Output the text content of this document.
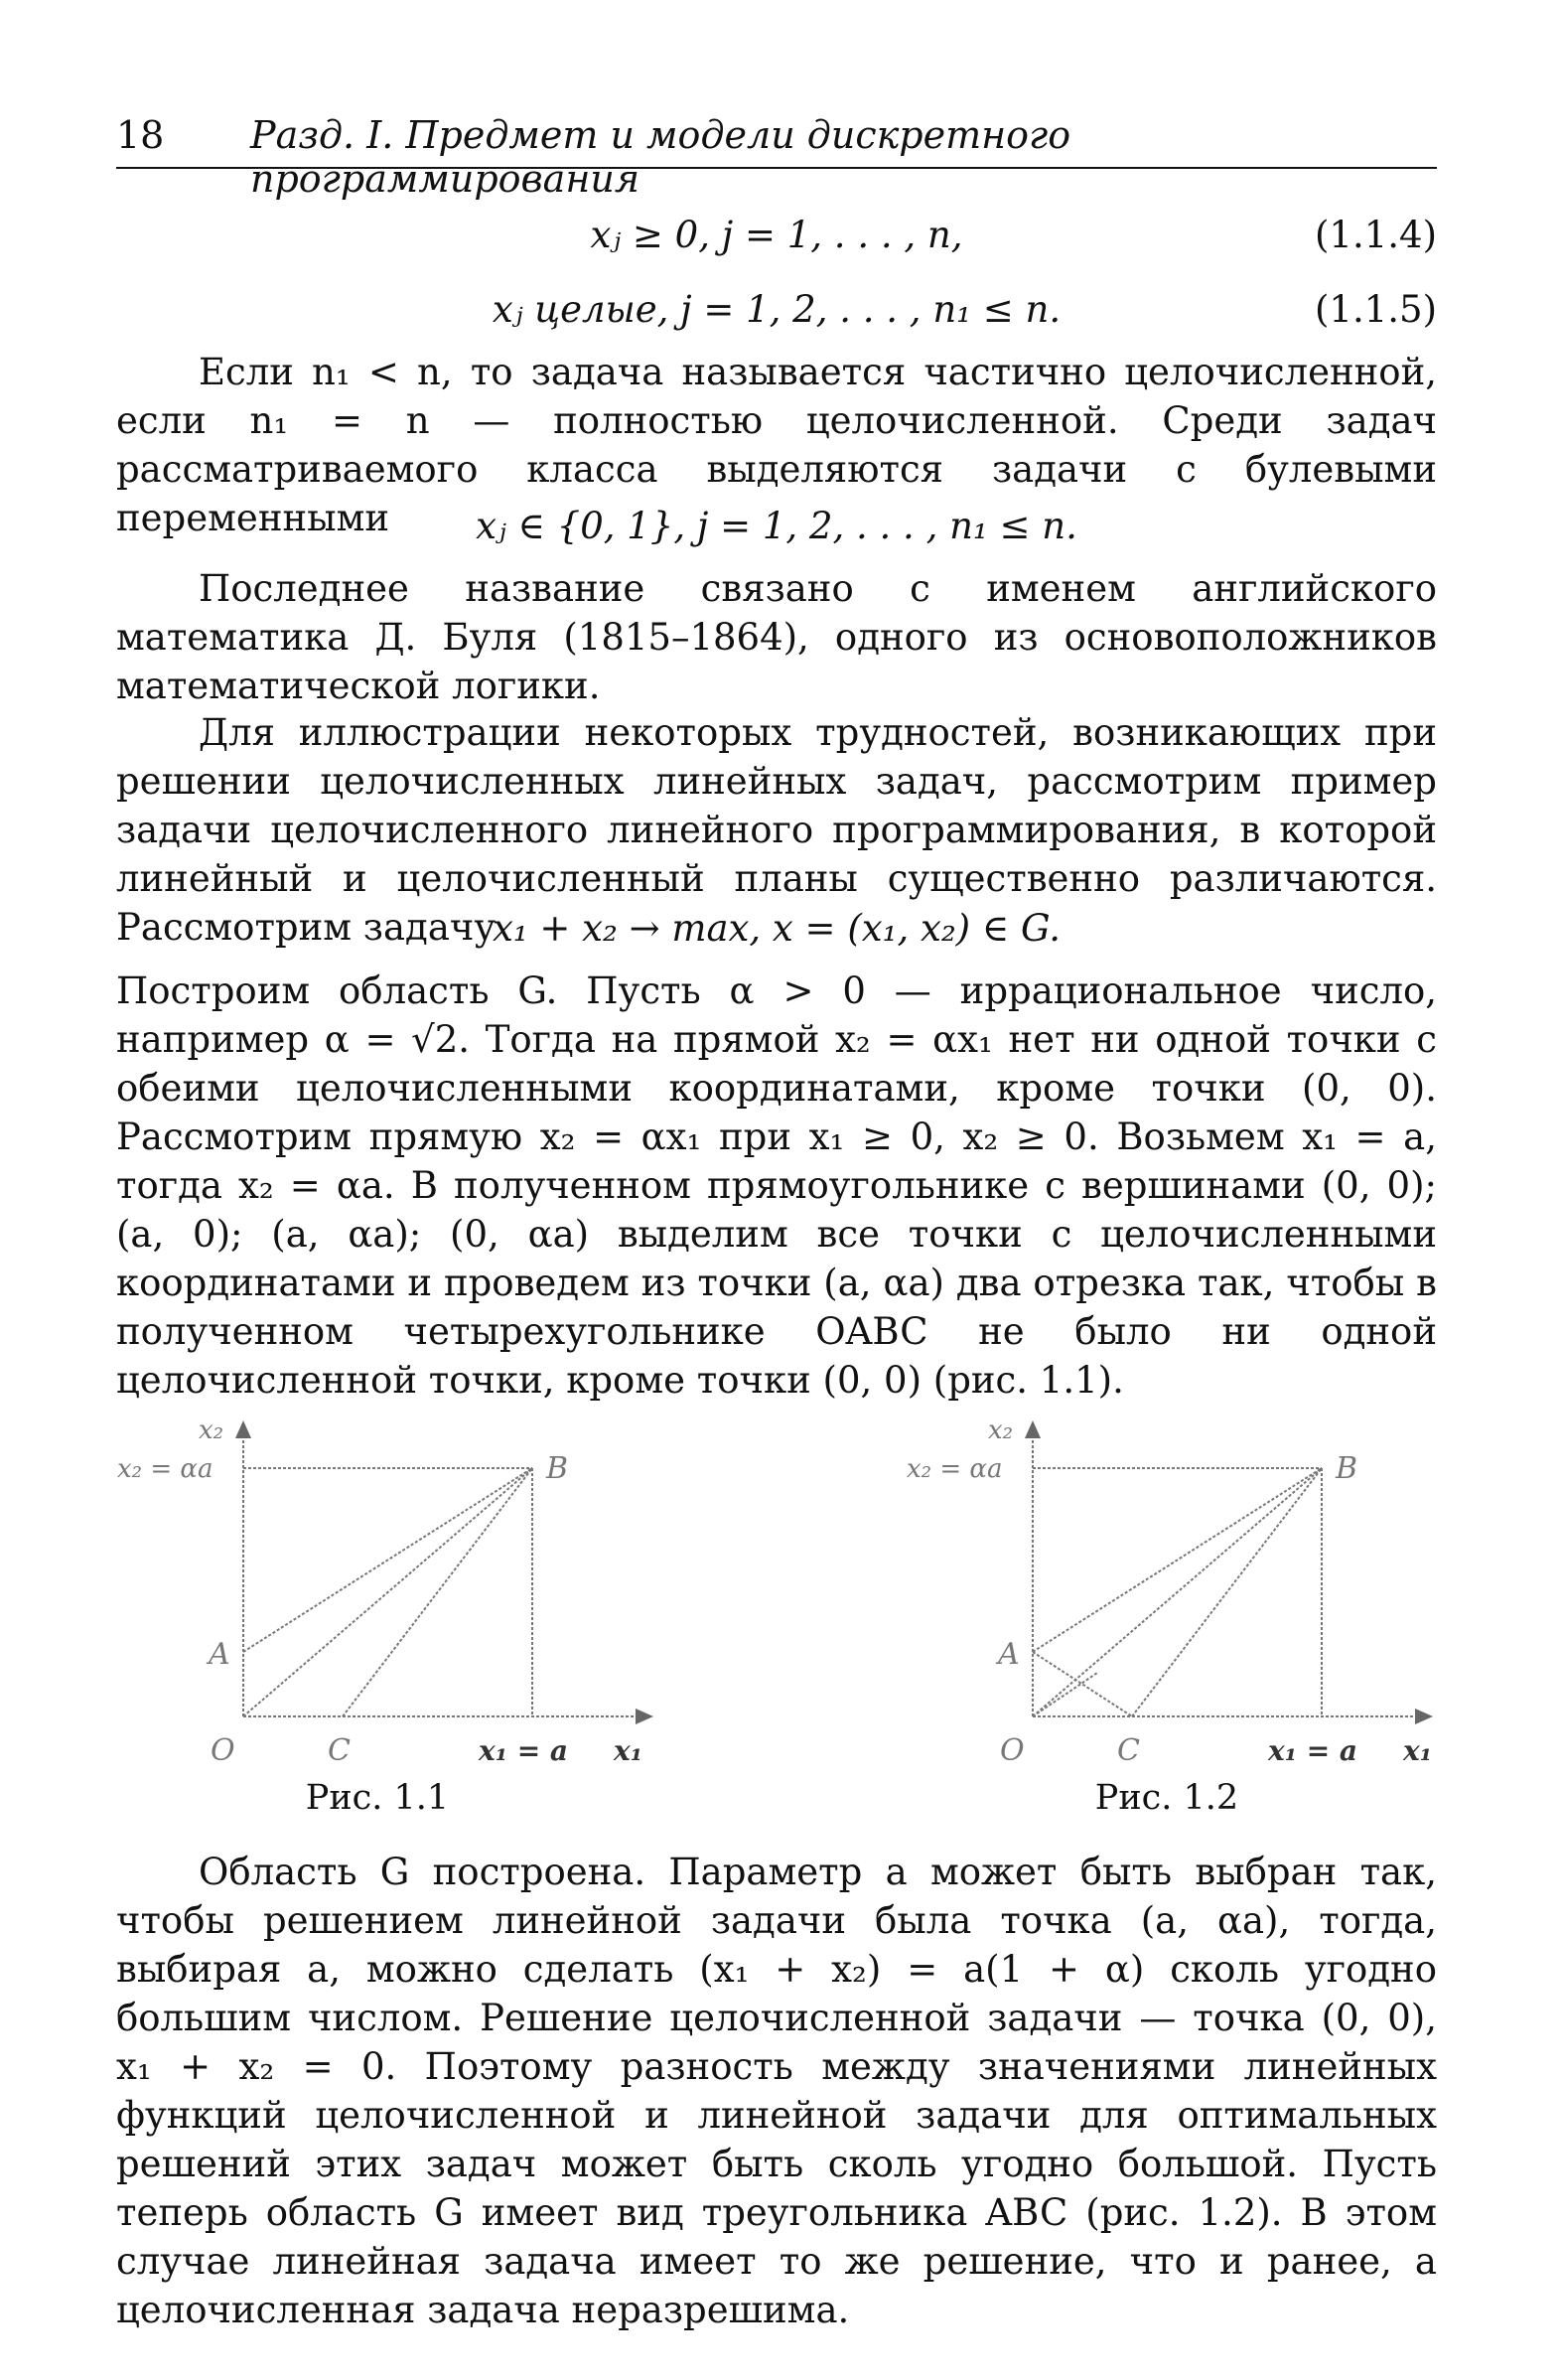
18 Разд. I. Предмет и модели дискретного программирования
xⱼ ≥ 0, j = 1, . . . , n,	(1.1.4)
xⱼ целые, j = 1, 2, . . . , n₁ ≤ n.	(1.1.5)

Если n₁ < n, то задача называется частично целочисленной, если n₁ = n — полностью целочисленной. Среди задач рассматриваемого класса выделяются задачи с булевыми переменными	xⱼ ∈ {0, 1}, j = 1, 2, . . . , n₁ ≤ n.

Последнее название связано с именем английского математика Д. Буля (1815–1864), одного из основоположников математической логики.

Для иллюстрации некоторых трудностей, возникающих при решении целочисленных линейных задач, рассмотрим пример задачи целочисленного линейного программирования, в которой линейный и целочисленный планы существенно различаются. Рассмотрим задачу

x₁ + x₂ → max, x = (x₁, x₂) ∈ G.

Построим область G. Пусть α > 0 — иррациональное число, например α = √2. Тогда на прямой x₂ = αx₁ нет ни одной точки с обеими целочисленными координатами, кроме точки (0, 0). Рассмотрим прямую x₂ = αx₁ при x₁ ≥ 0, x₂ ≥ 0. Возьмем x₁ = a, тогда x₂ = αa. В полученном прямоугольнике с вершинами (0, 0); (a, 0); (a, αa); (0, αa) выделим все точки с целочисленными координатами и проведем из точки (a, αa) два отрезка так, чтобы в полученном четырехугольнике OABC не было ни одной целочисленной точки, кроме точки (0, 0) (рис. 1.1).

x₂
x₂ = αa	B
A
O	C	x₁ = a x₁
Рис. 1.1
x₂
x₂ = αa	B
A
O	C	x₁ = a x₁
Рис. 1.2

Область G построена. Параметр a может быть выбран так, чтобы решением линейной задачи была точка (a, αa), тогда, выбирая a, можно сделать (x₁ + x₂) = a(1 + α) сколь угодно большим числом. Решение целочисленной задачи — точка (0, 0), x₁ + x₂ = 0. Поэтому разность между значениями линейных функций целочисленной и линейной задачи для оптимальных решений этих задач может быть сколь угодно большой. Пусть теперь область G имеет вид треугольника ABC (рис. 1.2). В этом случае линейная задача имеет то же решение, что и ранее, а целочисленная задача неразрешима.
